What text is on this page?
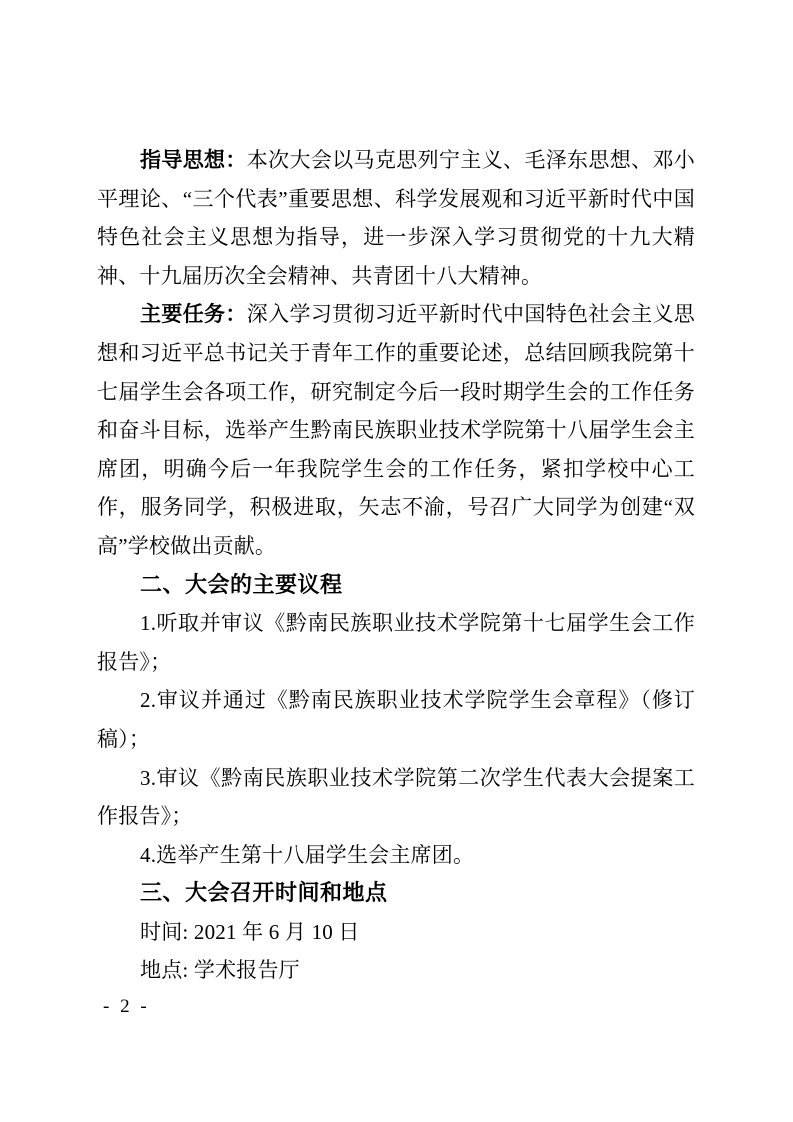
指导思想：本次大会以马克思列宁主义、毛泽东思想、邓小平理论、“三个代表”重要思想、科学发展观和习近平新时代中国特色社会主义思想为指导，进一步深入学习贯彻党的十九大精神、十九届历次全会精神、共青团十八大精神。

主要任务：深入学习贯彻习近平新时代中国特色社会主义思想和习近平总书记关于青年工作的重要论述，总结回顾我院第十七届学生会各项工作，研究制定今后一段时期学生会的工作任务和奋斗目标，选举产生黔南民族职业技术学院第十八届学生会主席团，明确今后一年我院学生会的工作任务，紧扣学校中心工作，服务同学，积极进取，矢志不渝，号召广大同学为创建“双高”学校做出贡献。

二、大会的主要议程

1.听取并审议《黔南民族职业技术学院第十七届学生会工作报告》；

2.审议并通过《黔南民族职业技术学院学生会章程》（修订稿）；

3.审议《黔南民族职业技术学院第二次学生代表大会提案工作报告》；

4.选举产生第十八届学生会主席团。

三、大会召开时间和地点

时间: 2021 年 6 月 10 日

地点: 学术报告厅

- 2 -
